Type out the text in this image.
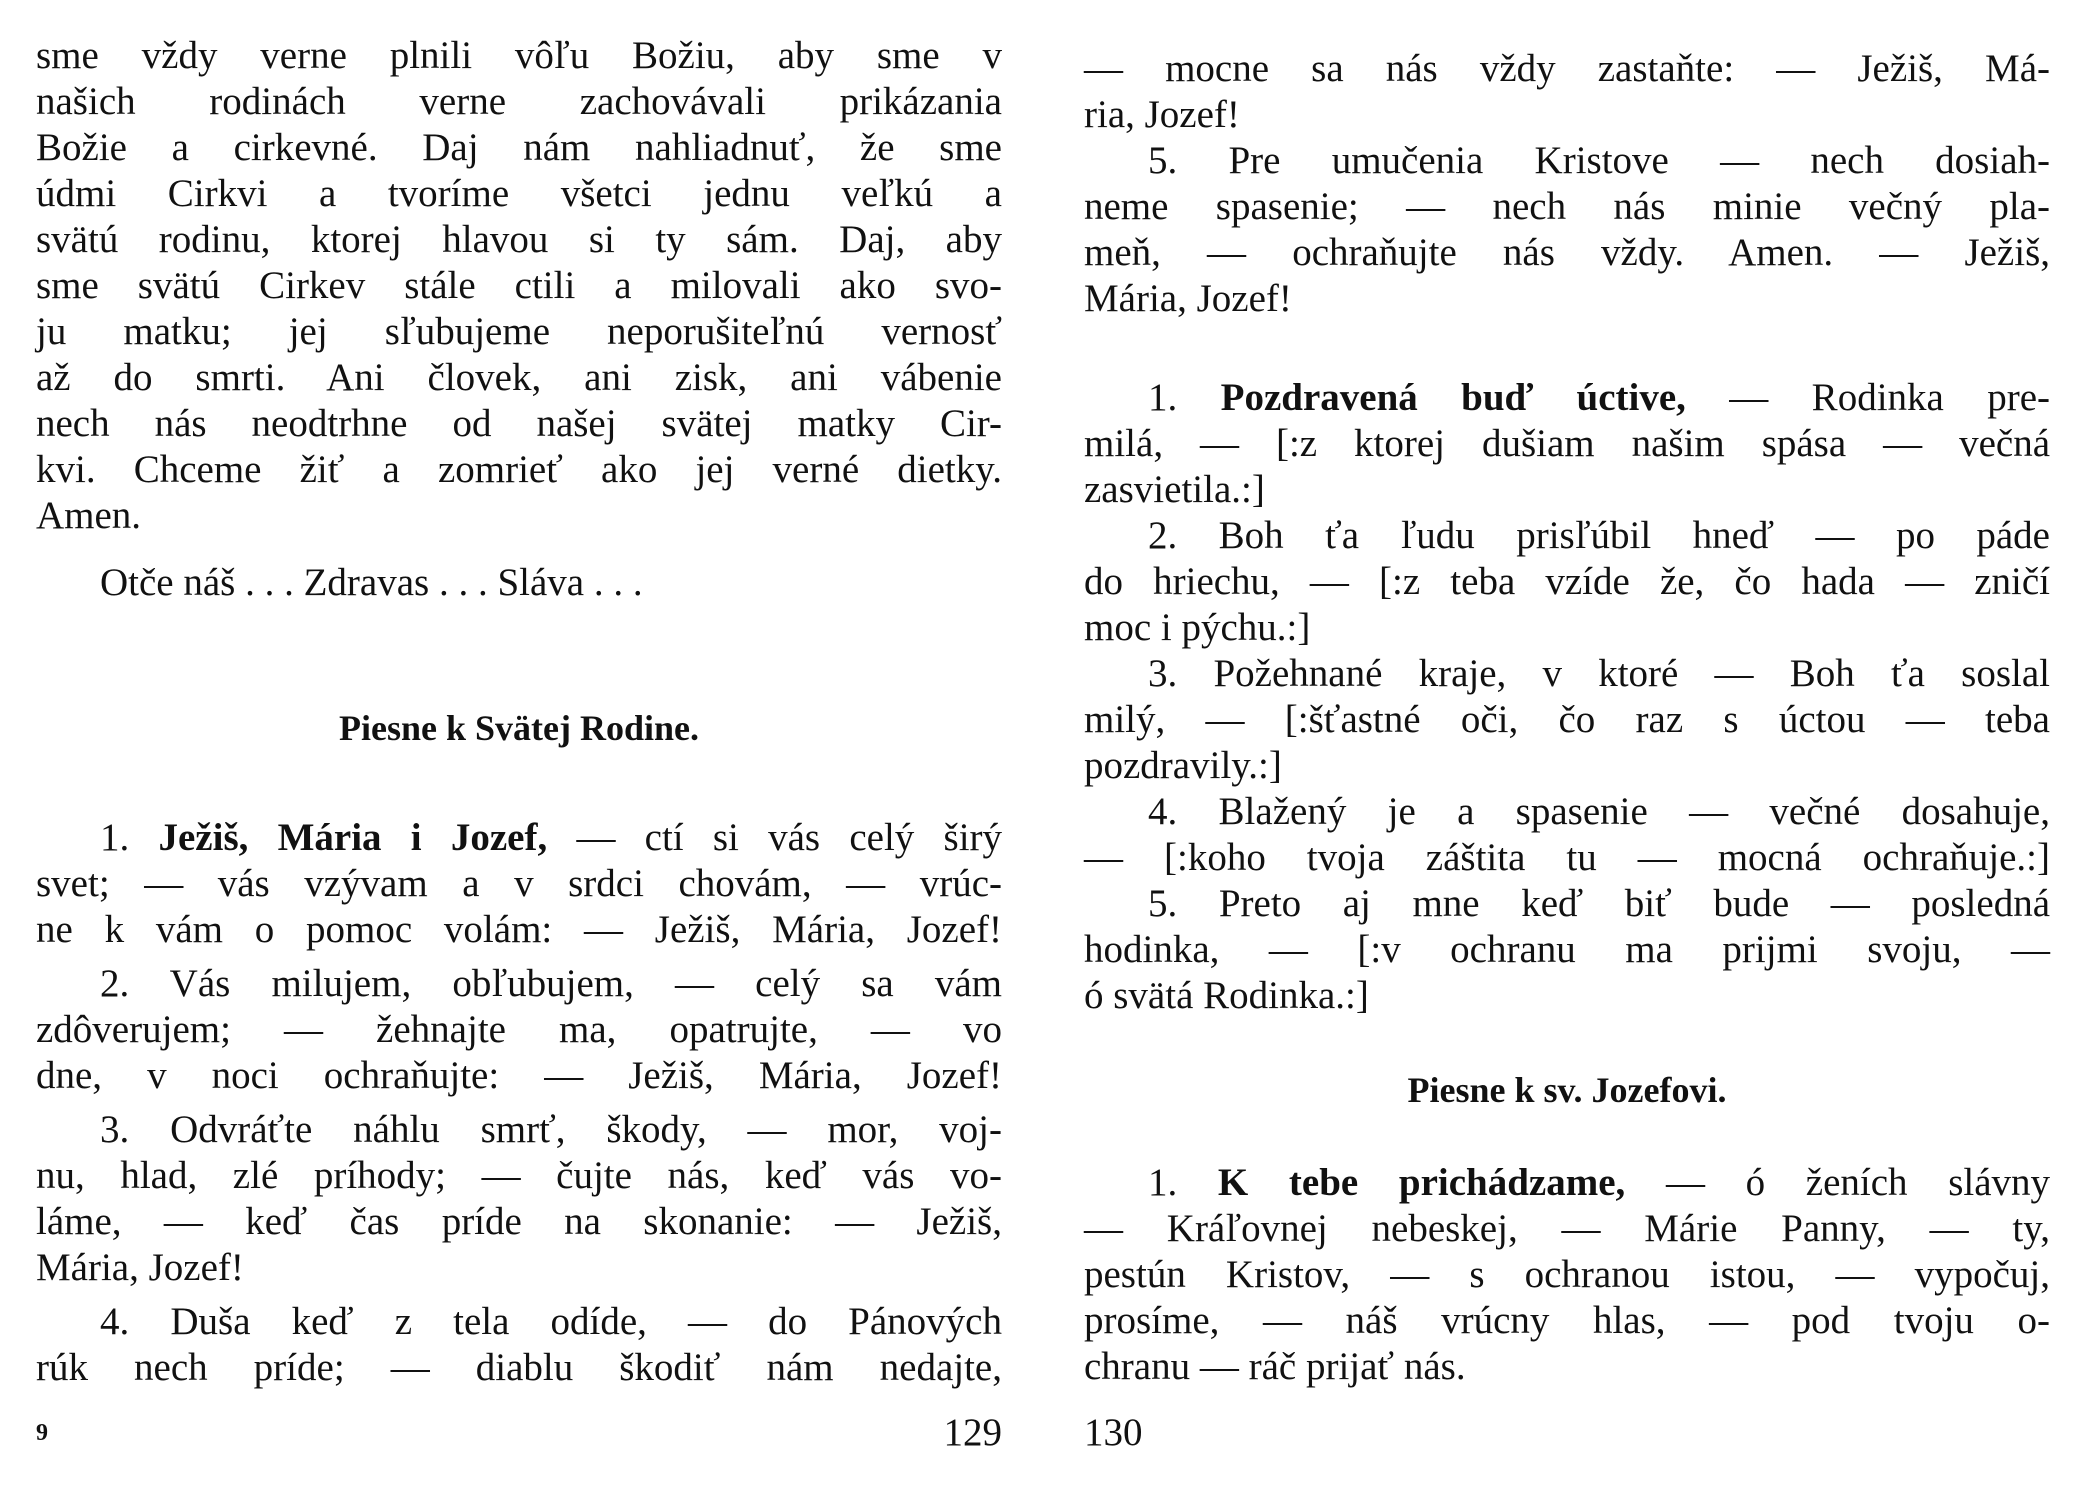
sme vždy verne plnili vôľu Božiu, aby sme v
našich rodinách verne zachovávali prikázania
Božie a cirkevné. Daj nám nahliadnuť, že sme
údmi Cirkvi a tvoríme všetci jednu veľkú a
svätú rodinu, ktorej hlavou si ty sám. Daj, aby
sme svätú Cirkev stále ctili a milovali ako svo-
ju matku; jej sľubujeme neporušiteľnú vernosť
až do smrti. Ani človek, ani zisk, ani vábenie
nech nás neodtrhne od našej svätej matky Cir-
kvi. Chceme žiť a zomrieť ako jej verné dietky.
Amen.
Otče náš . . . Zdravas . . . Sláva . . .
Piesne k Svätej Rodine.
1. Ježiš, Mária i Jozef, — ctí si vás celý širý
svet; — vás vzývam a v srdci chovám, — vrúc-
ne k vám o pomoc volám: — Ježiš, Mária, Jozef!
2. Vás milujem, obľubujem, — celý sa vám
zdôverujem; — žehnajte ma, opatrujte, — vo
dne, v noci ochraňujte: — Ježiš, Mária, Jozef!
3. Odvráťte náhlu smrť, škody, — mor, voj-
nu, hlad, zlé príhody; — čujte nás, keď vás vo-
láme, — keď čas príde na skonanie: — Ježiš,
Mária, Jozef!
4. Duša keď z tela odíde, — do Pánových
rúk nech príde; — diablu škodiť nám nedajte,
9	129
— mocne sa nás vždy zastaňte: — Ježiš, Má-
ria, Jozef!
5. Pre umučenia Kristove — nech dosiah-
neme spasenie; — nech nás minie večný pla-
meň, — ochraňujte nás vždy. Amen. — Ježiš,
Mária, Jozef!
1. Pozdravená buď úctive, — Rodinka pre-
milá, — [:z ktorej dušiam našim spása — večná
zasvietila.:]
2. Boh ťa ľudu prisľúbil hneď — po páde
do hriechu, — [:z teba vzíde že, čo hada — zničí
moc i pýchu.:]
3. Požehnané kraje, v ktoré — Boh ťa soslal
milý, — [:šťastné oči, čo raz s úctou — teba
pozdravily.:]
4. Blažený je a spasenie — večné dosahuje,
— [:koho tvoja záštita tu — mocná ochraňuje.:]
5. Preto aj mne keď biť bude — posledná
hodinka, — [:v ochranu ma prijmi svoju, —
ó svätá Rodinka.:]
Piesne k sv. Jozefovi.
1. K tebe prichádzame, — ó ženích slávny
— Kráľovnej nebeskej, — Márie Panny, — ty,
pestún Kristov, — s ochranou istou, — vypočuj,
prosíme, — náš vrúcny hlas, — pod tvoju o-
chranu — ráč prijať nás.
130
